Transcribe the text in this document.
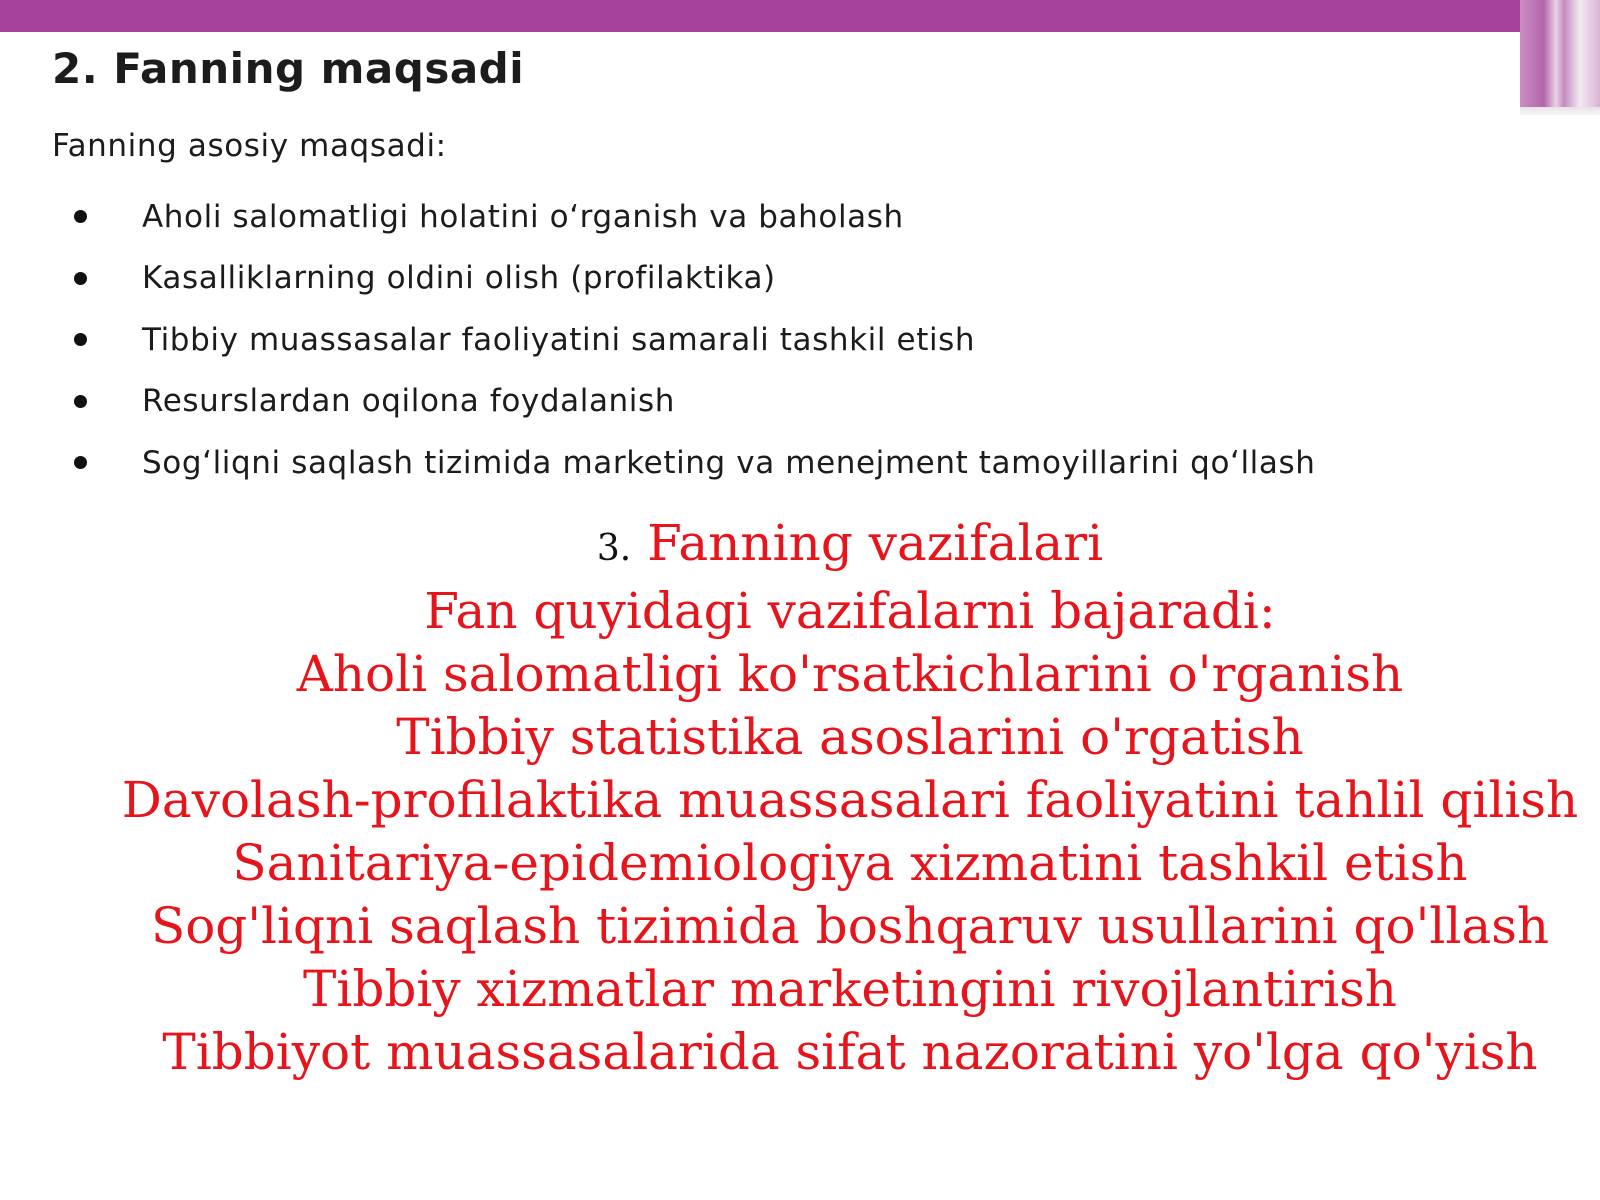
2. Fanning maqsadi

Fanning asosiy maqsadi:

Aholi salomatligi holatini o‘rganish va baholash
Kasalliklarning oldini olish (profilaktika)
Tibbiy muassasalar faoliyatini samarali tashkil etish
Resurslardan oqilona foydalanish
Sog‘liqni saqlash tizimida marketing va menejment tamoyillarini qo‘llash
3. Fanning vazifalari
Fan quyidagi vazifalarni bajaradi:
Aholi salomatligi ko'rsatkichlarini o'rganish
Tibbiy statistika asoslarini o'rgatish
Davolash-profilaktika muassasalari faoliyatini tahlil qilish
Sanitariya-epidemiologiya xizmatini tashkil etish
Sog'liqni saqlash tizimida boshqaruv usullarini qo'llash
Tibbiy xizmatlar marketingini rivojlantirish
Tibbiyot muassasalarida sifat nazoratini yo'lga qo'yish
